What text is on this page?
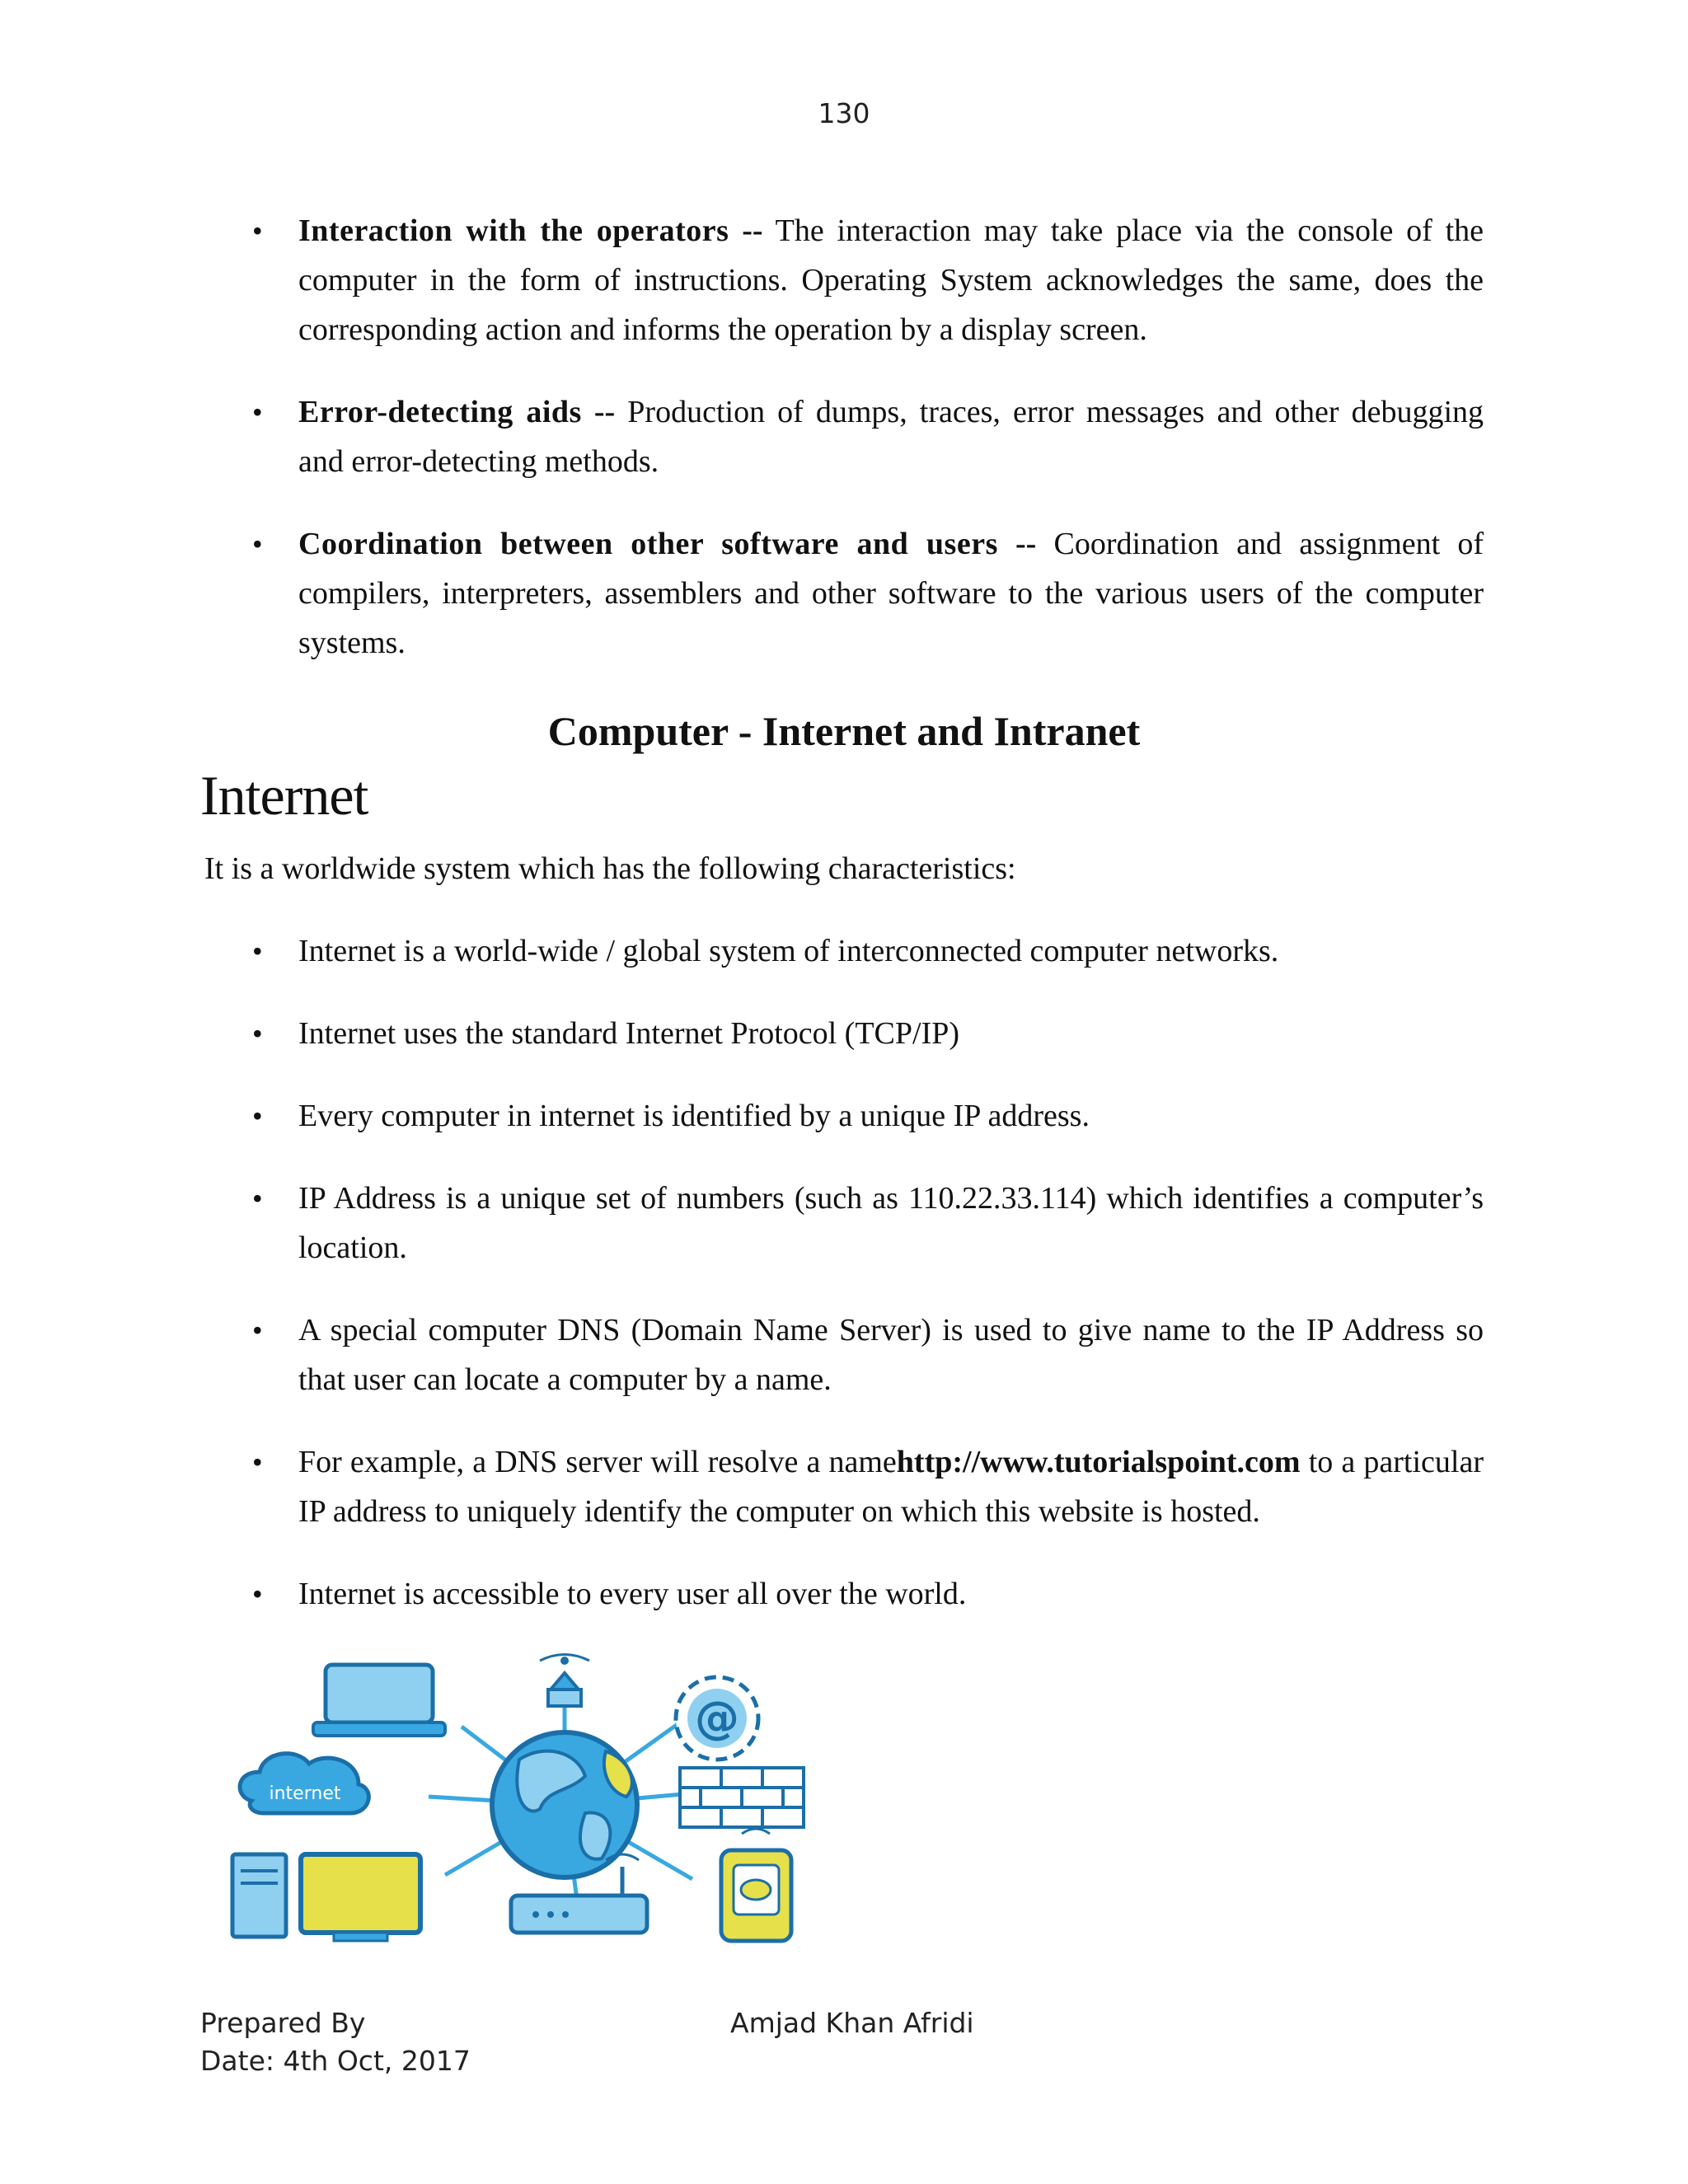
130
• Interaction with the operators -- The interaction may take place via the console of the computer in the form of instructions. Operating System acknowledges the same, does the corresponding action and informs the operation by a display screen.
• Error-detecting aids -- Production of dumps, traces, error messages and other debugging and error-detecting methods.
• Coordination between other software and users -- Coordination and assignment of compilers, interpreters, assemblers and other software to the various users of the computer systems.
Computer - Internet and Intranet
Internet
It is a worldwide system which has the following characteristics:
• Internet is a world-wide / global system of interconnected computer networks.
• Internet uses the standard Internet Protocol (TCP/IP)
• Every computer in internet is identified by a unique IP address.
• IP Address is a unique set of numbers (such as 110.22.33.114) which identifies a computer’s location.
• A special computer DNS (Domain Name Server) is used to give name to the IP Address so that user can locate a computer by a name.
• For example, a DNS server will resolve a namehttp://www.tutorialspoint.com to a particular IP address to uniquely identify the computer on which this website is hosted.
• Internet is accessible to every user all over the world.
@
internet
Prepared By
Date: 4th Oct, 2017
Amjad Khan Afridi
